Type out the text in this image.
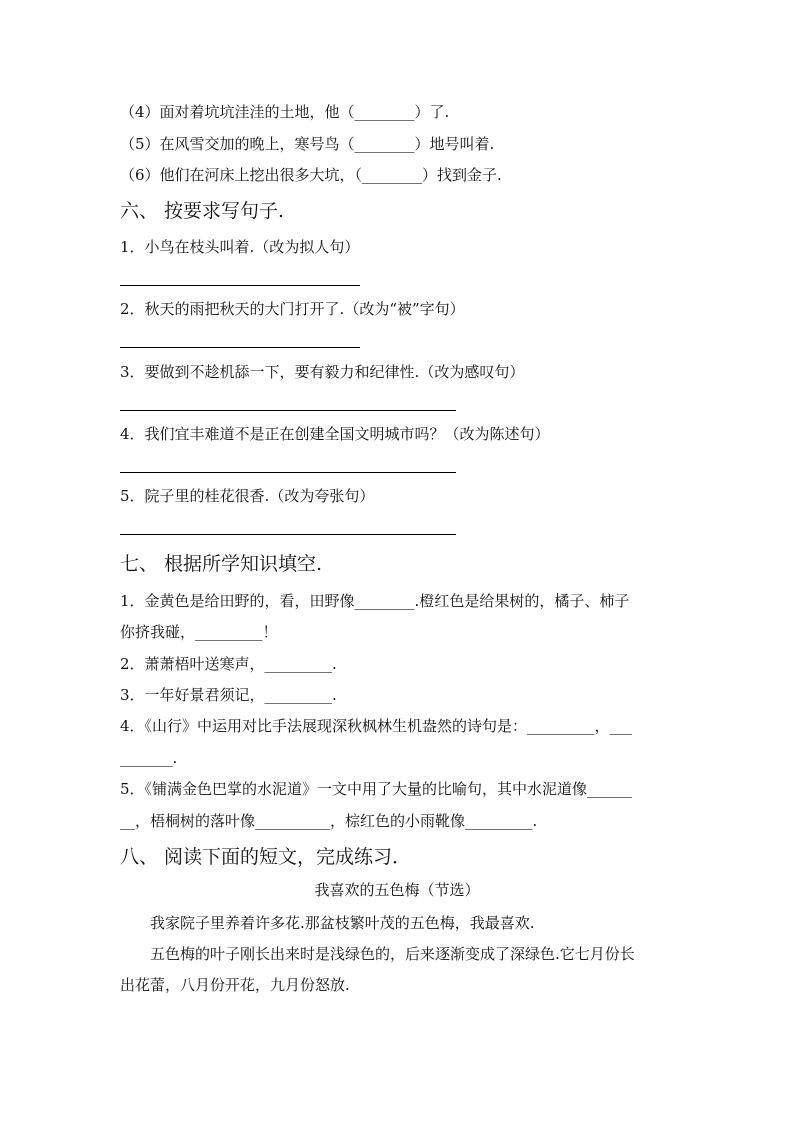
（4）面对着坑坑洼洼的土地，他（________）了.
（5）在风雪交加的晚上，寒号鸟（________）地号叫着.
（6）他们在河床上挖出很多大坑，（________）找到金子.
六、 按要求写句子.
1．小鸟在枝头叫着.（改为拟人句）
2．秋天的雨把秋天的大门打开了.（改为“被”字句）
3．要做到不趁机舔一下，要有毅力和纪律性.（改为感叹句）
4．我们宜丰难道不是正在创建全国文明城市吗？（改为陈述句）
5．院子里的桂花很香.（改为夸张句）
七、 根据所学知识填空.
1．金黄色是给田野的，看，田野像________.橙红色是给果树的，橘子、柿子
你挤我碰，_________！
2．萧萧梧叶送寒声，_________.
3．一年好景君须记，_________.
4．《山行》中运用对比手法展现深秋枫林生机盎然的诗句是：_________，___
_______.
5．《铺满金色巴掌的水泥道》一文中用了大量的比喻句，其中水泥道像______
__，梧桐树的落叶像__________，棕红色的小雨靴像_________.
八、 阅读下面的短文，完成练习．
我喜欢的五色梅（节选）
我家院子里养着许多花.那盆枝繁叶茂的五色梅，我最喜欢.
五色梅的叶子刚长出来时是浅绿色的，后来逐渐变成了深绿色.它七月份长
出花蕾，八月份开花，九月份怒放.
